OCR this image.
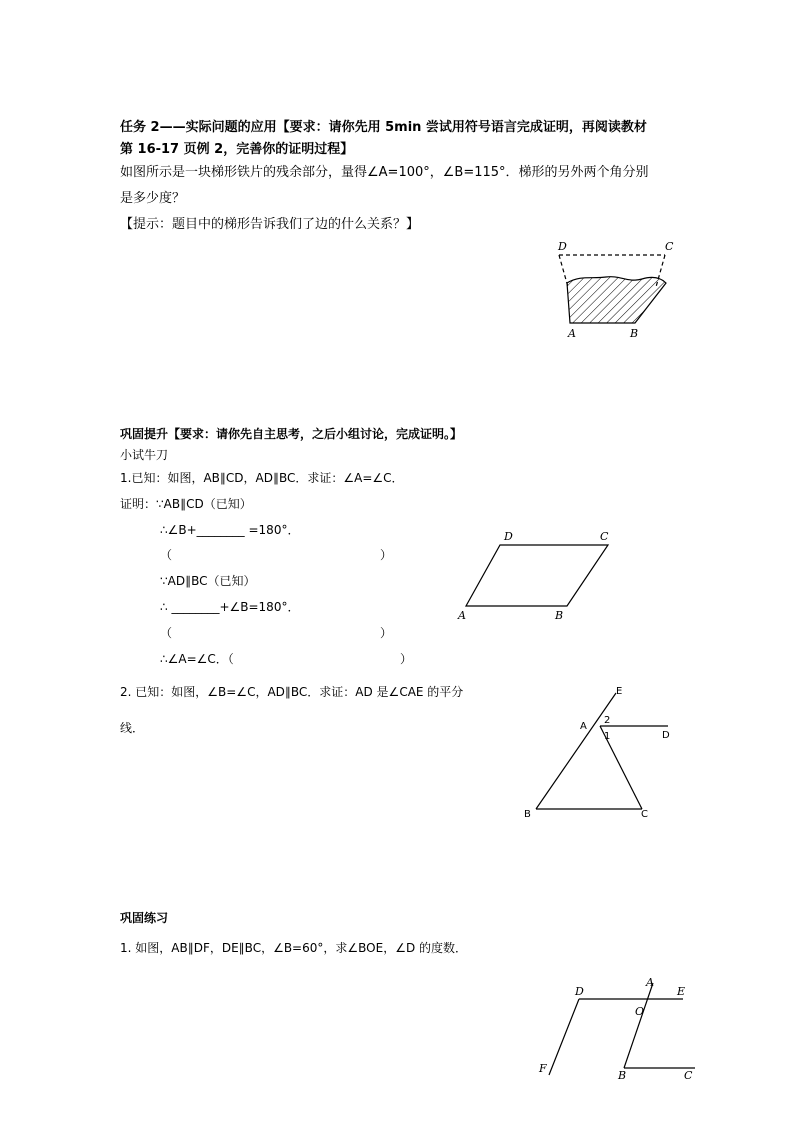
任务 2——实际问题的应用【要求：请你先用 5min 尝试用符号语言完成证明，再阅读教材
第 16-17 页例 2，完善你的证明过程】
如图所示是一块梯形铁片的残余部分，量得∠A=100°，∠B=115°．梯形的另外两个角分别
是多少度？
【提示：题目中的梯形告诉我们了边的什么关系？】
D	C
A	B
巩固提升【要求：请你先自主思考，之后小组讨论，完成证明。】
小试牛刀
1.已知：如图，AB∥CD，AD∥BC．求证：∠A=∠C．
证明：∵AB∥CD（已知）
∴∠B+________ =180°．
（	）
∵AD∥BC（已知）
∴ ________+∠B=180°．
（	）
∴∠A=∠C．（	）
D	C
A	B
2. 已知：如图，∠B=∠C，AD∥BC．求证：AD 是∠CAE 的平分
线．
E
A
2
1	D
B	C
巩固练习
1. 如图，AB∥DF，DE∥BC，∠B=60°，求∠BOE，∠D 的度数．
A
D	E
O
F
B	C
